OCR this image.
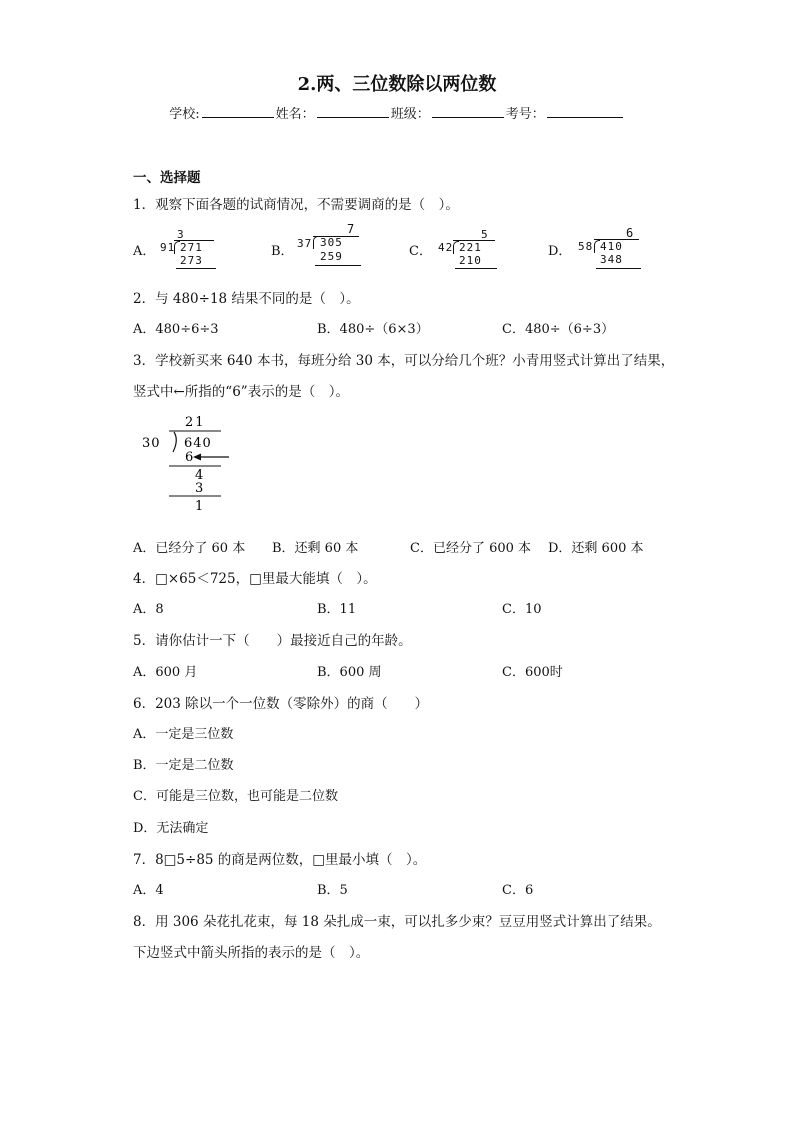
2.两、三位数除以两位数
学校:	姓名：	班级：	考号：
一、选择题
1．观察下面各题的试商情况，不需要调商的是（　）。
A．
3
91 271
273
B．
7
37 305
259	C．
5
42 221
210
D．
6
58 410
348
2．与 480÷18 结果不同的是（　）。
A．480÷6÷3	B．480÷（6×3）	C．480÷（6÷3）
3．学校新买来 640 本书，每班分给 30 本，可以分给几个班？小青用竖式计算出了结果，
竖式中←所指的“6”表示的是（　）。
21
30 640
6
4
3
1
A．已经分了 60 本 B．还剩 60 本	C．已经分了 600 本 D．还剩 600 本
4．□×65＜725，□里最大能填（　）。
A．8	B．11	C．10
5．请你估计一下（　　）最接近自己的年龄。
A．600 月	B．600 周	C．600时
6．203 除以一个一位数（零除外）的商（　　）
A．一定是三位数
B．一定是二位数
C．可能是三位数，也可能是二位数
D．无法确定
7．8□5÷85 的商是两位数，□里最小填（　）。
A．4	B．5	C．6
8．用 306 朵花扎花束，每 18 朵扎成一束，可以扎多少束？豆豆用竖式计算出了结果。
下边竖式中箭头所指的表示的是（　）。
